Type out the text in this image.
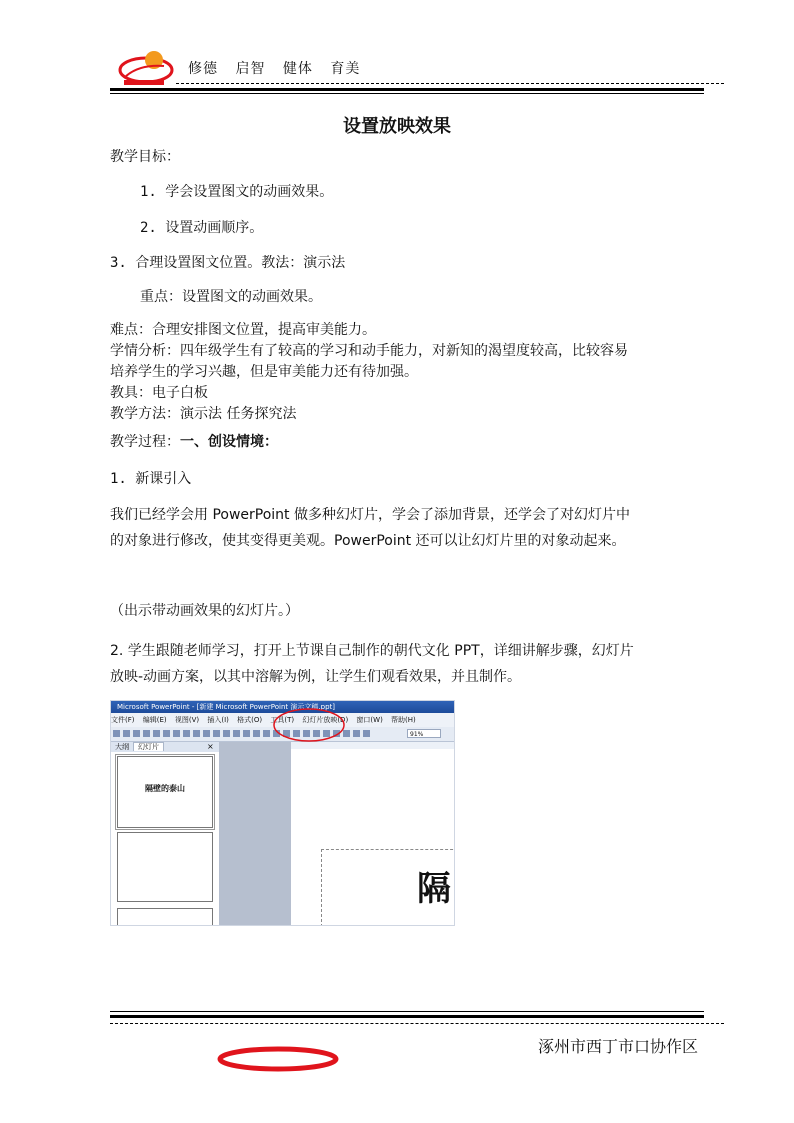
修德 启智 健体 育美
设置放映效果
教学目标：
1. 学会设置图文的动画效果。
2. 设置动画顺序。
3. 合理设置图文位置。教法：演示法
重点：设置图文的动画效果。
难点：合理安排图文位置，提高审美能力。
学情分析：四年级学生有了较高的学习和动手能力，对新知的渴望度较高，比较容易
培养学生的学习兴趣，但是审美能力还有待加强。
教具：电子白板
教学方法：演示法 任务探究法
教学过程：一、创设情境：
1. 新课引入
我们已经学会用 PowerPoint 做多种幻灯片，学会了添加背景，还学会了对幻灯片中
的对象进行修改，使其变得更美观。PowerPoint 还可以让幻灯片里的对象动起来。
（出示带动画效果的幻灯片。）
2. 学生跟随老师学习，打开上节课自己制作的朝代文化 PPT，详细讲解步骤，幻灯片
放映-动画方案，以其中溶解为例，让学生们观看效果，并且制作。
Microsoft PowerPoint - [新建 Microsoft PowerPoint 演示文稿.ppt]
文件(F) 编辑(E) 视图(V) 插入(I) 格式(O) 工具(T) 幻灯片放映(D) 窗口(W) 帮助(H)
91%
大纲 幻灯片	×
隔壁的泰山
隔
涿州市西丁市口协作区
